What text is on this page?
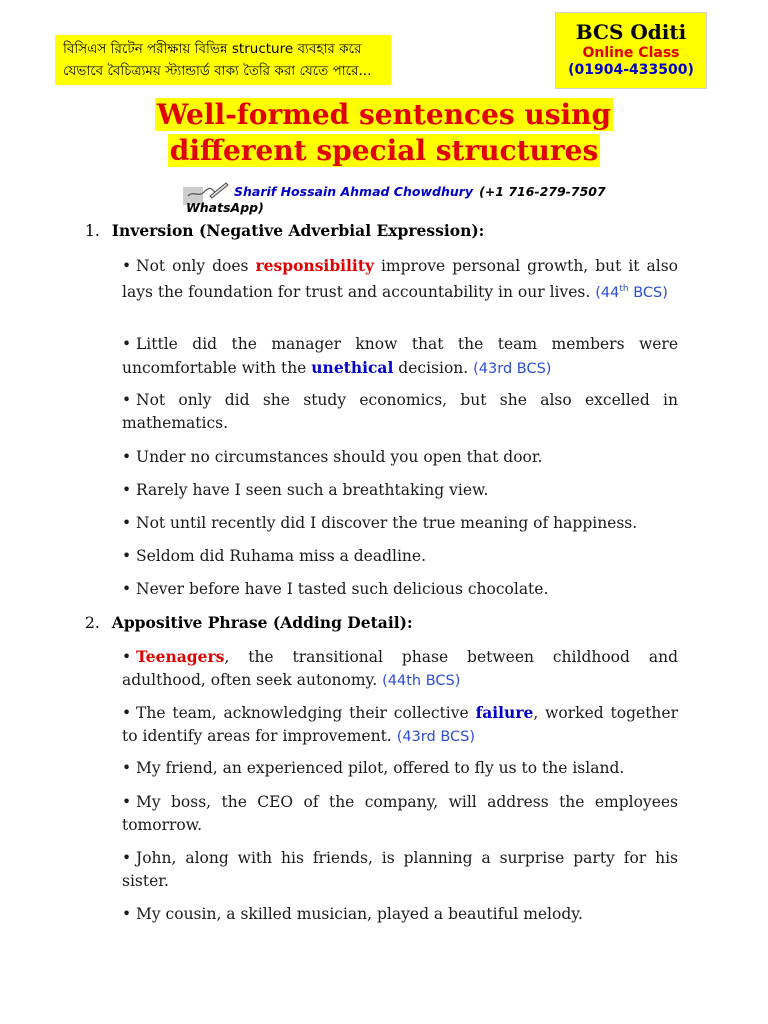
বিসিএস রিটেন পরীক্ষায় বিভিন্ন structure ব্যবহার করে
যেভাবে বৈচিত্র্যময় স্ট্যান্ডার্ড বাক্য তৈরি করা যেতে পারে...
BCS Oditi
Online Class
(01904-433500)
Well-formed sentences using
different special structures
Sharif Hossain Ahmad Chowdhury (+1 716-279-7507 WhatsApp)
1. Inversion (Negative Adverbial Expression):
• Not only does responsibility improve personal growth, but it also lays the foundation for trust and accountability in our lives. (44th BCS)
• Little did the manager know that the team members were uncomfortable with the unethical decision. (43rd BCS)
• Not only did she study economics, but she also excelled in mathematics.
• Under no circumstances should you open that door.
• Rarely have I seen such a breathtaking view.
• Not until recently did I discover the true meaning of happiness.
• Seldom did Ruhama miss a deadline.
• Never before have I tasted such delicious chocolate.
2. Appositive Phrase (Adding Detail):
• Teenagers, the transitional phase between childhood and adulthood, often seek autonomy. (44th BCS)
• The team, acknowledging their collective failure, worked together to identify areas for improvement. (43rd BCS)
• My friend, an experienced pilot, offered to fly us to the island.
• My boss, the CEO of the company, will address the employees tomorrow.
• John, along with his friends, is planning a surprise party for his sister.
• My cousin, a skilled musician, played a beautiful melody.
